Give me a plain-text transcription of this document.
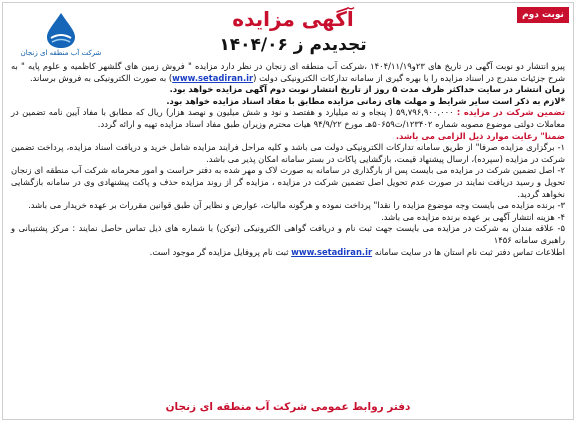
نوبت دوم
شرکت آب منطقه ای زنجان
آگهی مزایده
تجدیدم ز ۱۴۰۴/۰۶

پیرو انتشار دو نوبت آگهی در تاریخ های ۲۳و۱۴۰۴/۱۱/۱۹ ،شرکت آب منطقه ای زنجان در نظر دارد مزایده " فروش زمین های گلشهر کاظمیه و علوم پایه " به شرح جزئیات مندرج در اسناد مزایده را با بهره گیری از سامانه تدارکات الکترونیکی دولت (www.setadiran.ir) به صورت الکترونیکی به فروش برساند.

زمان انتشار در سایت حداکثر ظرف مدت ۵ روز از تاریخ انتشار نوبت دوم آگهی مزایده خواهد بود.

*لازم به ذکر است سایر شرایط و مهلت های زمانی مزایده مطابق با مفاد اسناد مزایده خواهد بود.

تضمین شرکت در مزایده : ۵۹,۷۹۶,۹۰۰,۰۰۰ ( پنجاه و نه میلیارد و هفتصد و نود و شش میلیون و نهصد هزار) ریال که مطابق با مفاد آیین نامه تضمین در معاملات دولتی موضوع مصوبه شماره ۱۲۳۴۰۲/ت۵۰۶۵۹هـ مورخ ۹۴/۹/۲۲ هیات محترم وزیران طبق مفاد اسناد مزایده تهیه و ارائه گردد.

ضمنا" رعایت موارد ذیل الزامی می باشد.

۱- برگزاری مزایده صرفا" از طریق سامانه تدارکات الکترونیکی دولت می باشد و کلیه مراحل فرایند مزایده شامل خرید و دریافت اسناد مزایده، پرداخت تضمین شرکت در مزایده (سپرده)، ارسال پیشنهاد قیمت، بازگشایی پاکات در بستر سامانه امکان پذیر می باشد.

۲- اصل تضمین شرکت در مزایده می بایست پس از بارگذاری در سامانه به صورت لاک و مهر شده به دفتر حراست و امور محرمانه شرکت آب منطقه ای زنجان تحویل و رسید دریافت نمایند در صورت عدم تحویل اصل تضمین شرکت در مزایده ، مزایده گر از روند مزایده حذف و پاکت پیشنهادی وی در سامانه بازگشایی نخواهد گردید.

۳- برنده مزایده می بایست وجه موضوع مزایده را نقدا" پرداخت نموده و هرگونه مالیات، عوارض و نظایر آن طبق قوانین مقررات بر عهده خریدار می باشد.

۴- هزینه انتشار آگهی بر عهده برنده مزایده می باشد.

۵- علاقه مندان به شرکت در مزایده می بایست جهت ثبت نام و دریافت گواهی الکترونیکی (توکن) با شماره های ذیل تماس حاصل نمایند : مرکز پشتیبانی و راهبری سامانه ۱۴۵۶

اطلاعات تماس دفتر ثبت نام استان ها در سایت سامانه www.setadiran.ir ثبت نام پروفایل مزایده گر موجود است.

دفتر روابط عمومی شرکت آب منطقه ای زنجان
